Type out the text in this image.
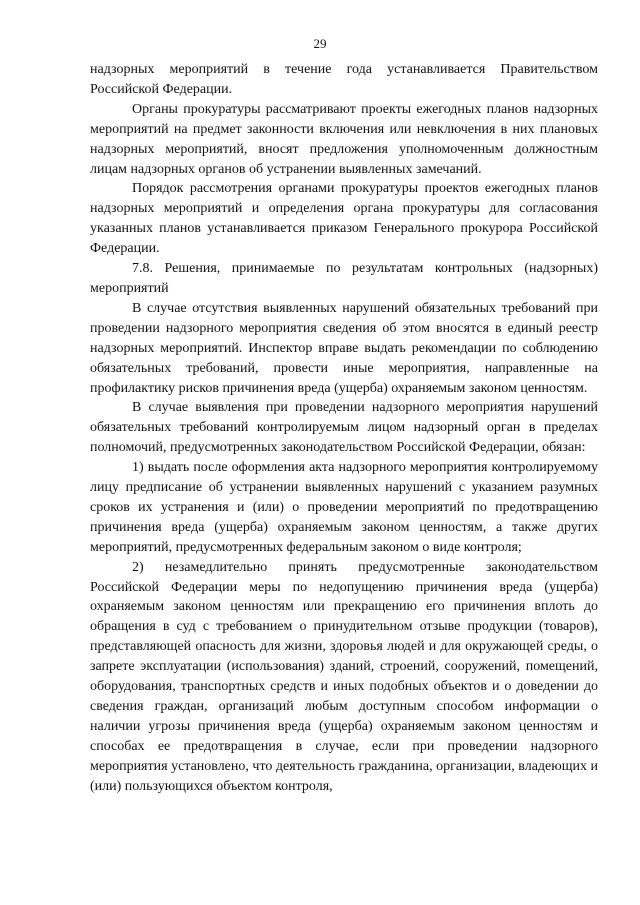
29

надзорных мероприятий в течение года устанавливается Правительством Российской Федерации.

Органы прокуратуры рассматривают проекты ежегодных планов надзорных мероприятий на предмет законности включения или невключения в них плановых надзорных мероприятий, вносят предложения уполномоченным должностным лицам надзорных органов об устранении выявленных замечаний.

Порядок рассмотрения органами прокуратуры проектов ежегодных планов надзорных мероприятий и определения органа прокуратуры для согласования указанных планов устанавливается приказом Генерального прокурора Российской Федерации.

7.8. Решения, принимаемые по результатам контрольных (надзорных) мероприятий

В случае отсутствия выявленных нарушений обязательных требований при проведении надзорного мероприятия сведения об этом вносятся в единый реестр надзорных мероприятий. Инспектор вправе выдать рекомендации по соблюдению обязательных требований, провести иные мероприятия, направленные на профилактику рисков причинения вреда (ущерба) охраняемым законом ценностям.

В случае выявления при проведении надзорного мероприятия нарушений обязательных требований контролируемым лицом надзорный орган в пределах полномочий, предусмотренных законодательством Российской Федерации, обязан:

1) выдать после оформления акта надзорного мероприятия контролируемому лицу предписание об устранении выявленных нарушений с указанием разумных сроков их устранения и (или) о проведении мероприятий по предотвращению причинения вреда (ущерба) охраняемым законом ценностям, а также других мероприятий, предусмотренных федеральным законом о виде контроля;

2) незамедлительно принять предусмотренные законодательством Российской Федерации меры по недопущению причинения вреда (ущерба) охраняемым законом ценностям или прекращению его причинения вплоть до обращения в суд с требованием о принудительном отзыве продукции (товаров), представляющей опасность для жизни, здоровья людей и для окружающей среды, о запрете эксплуатации (использования) зданий, строений, сооружений, помещений, оборудования, транспортных средств и иных подобных объектов и о доведении до сведения граждан, организаций любым доступным способом информации о наличии угрозы причинения вреда (ущерба) охраняемым законом ценностям и способах ее предотвращения в случае, если при проведении надзорного мероприятия установлено, что деятельность гражданина, организации, владеющих и (или) пользующихся объектом контроля,
